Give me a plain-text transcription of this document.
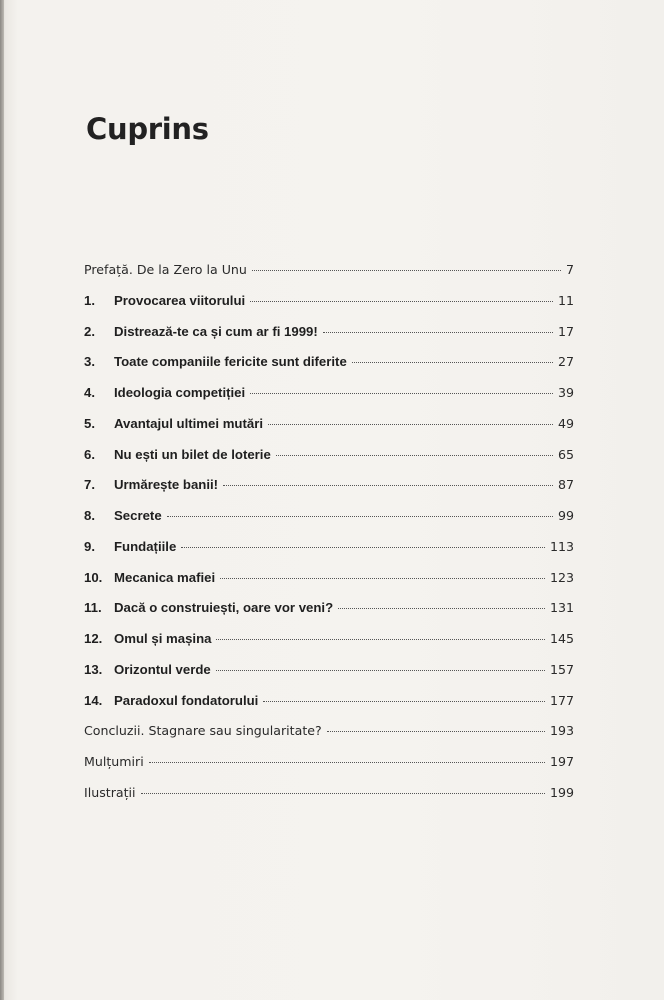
Cuprins
Prefață. De la Zero la Unu	7
1.	Provocarea viitorului	11
2.	Distrează-te ca și cum ar fi 1999!	17
3.	Toate companiile fericite sunt diferite	27
4.	Ideologia competiției	39
5.	Avantajul ultimei mutări	49
6.	Nu ești un bilet de loterie	65
7.	Urmărește banii!	87
8.	Secrete	99
9.	Fundațiile	113
10. Mecanica mafiei	123
11. Dacă o construiești, oare vor veni?	131
12. Omul și mașina	145
13. Orizontul verde	157
14. Paradoxul fondatorului	177
Concluzii. Stagnare sau singularitate?	193
Mulțumiri	197
Ilustrații	199
